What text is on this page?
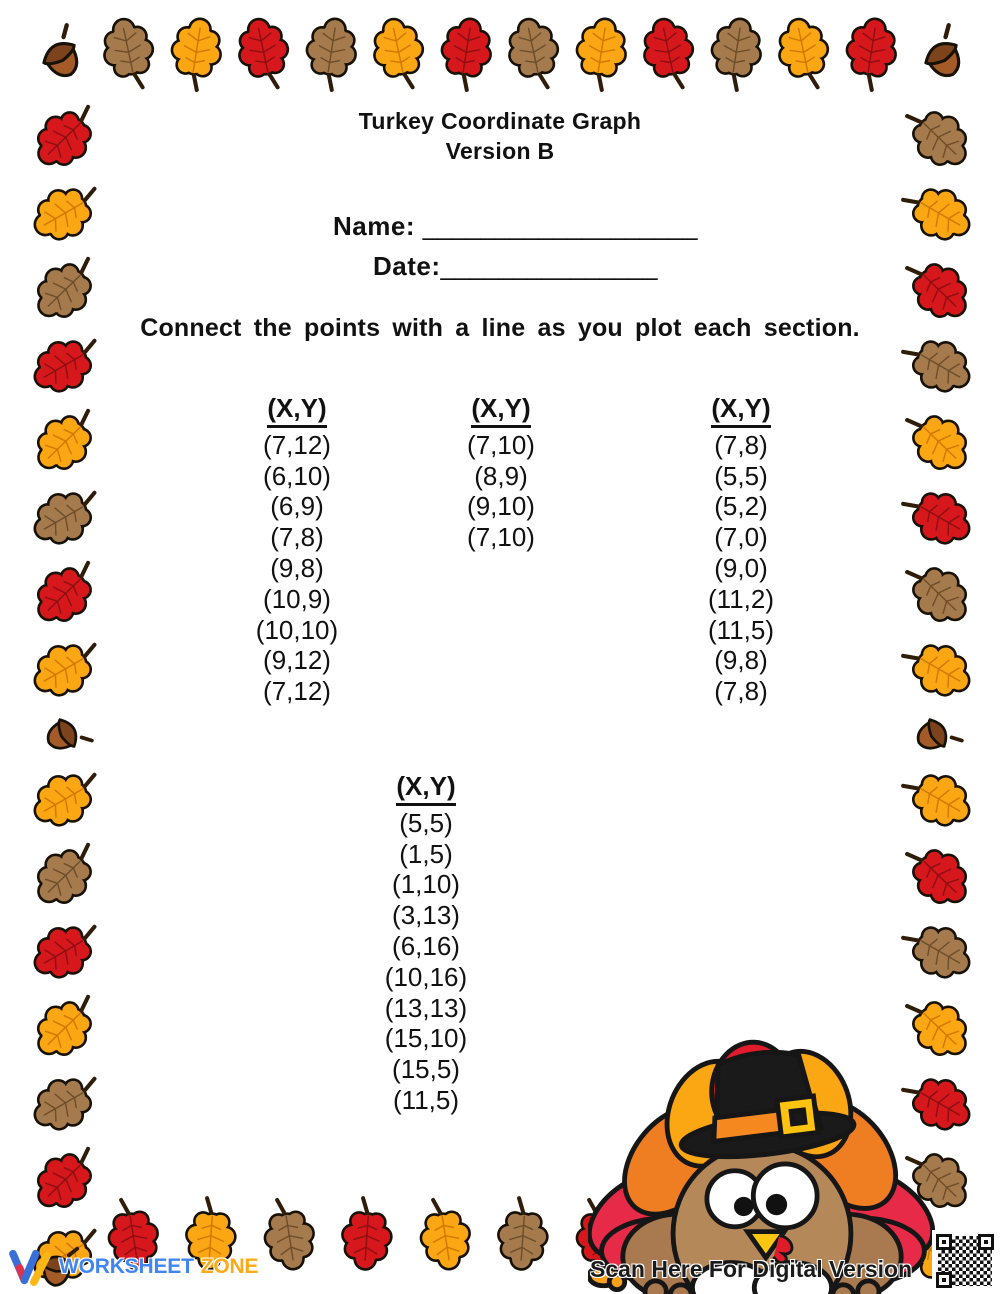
Turkey Coordinate Graph
Version B
Name: ___________________
Date:_______________
Connect the points with a line as you plot each section.
(X,Y)
(7,12)
(6,10)
(6,9)
(7,8)
(9,8)
(10,9)
(10,10)
(9,12)
(7,12)
(X,Y)
(7,10)
(8,9)
(9,10)
(7,10)
(X,Y)
(7,8)
(5,5)
(5,2)
(7,0)
(9,0)
(11,2)
(11,5)
(9,8)
(7,8)
(X,Y)
(5,5)
(1,5)
(1,10)
(3,13)
(6,16)
(10,16)
(13,13)
(15,10)
(15,5)
(11,5)
Scan Here For Digital Version
WORKSHEET ZONE
